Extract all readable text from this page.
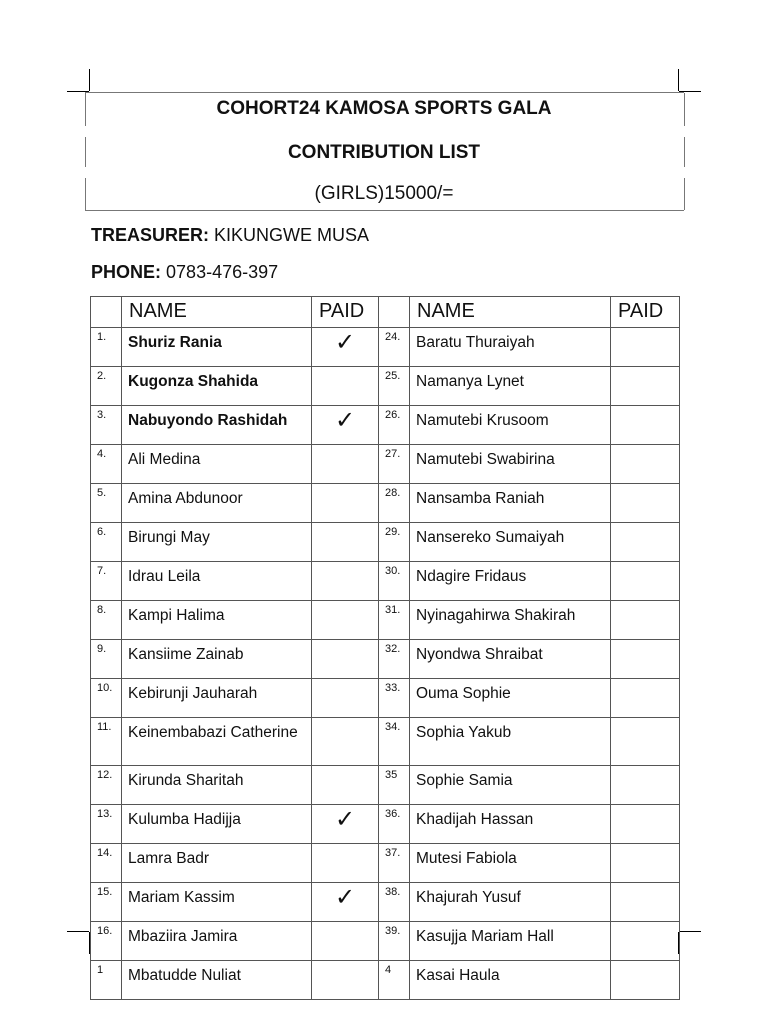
COHORT24 KAMOSA SPORTS GALA
CONTRIBUTION LIST
(GIRLS)15000/=
TREASURER: KIKUNGWE MUSA
PHONE: 0783-476-397
	NAME	PAID		NAME	PAID
1.	Shuriz Rania	✓	24.	Baratu Thuraiyah	
2.	Kugonza Shahida		25.	Namanya Lynet	
3.	Nabuyondo Rashidah	✓	26.	Namutebi Krusoom	
4.	Ali Medina		27.	Namutebi Swabirina	
5.	Amina Abdunoor		28.	Nansamba Raniah	
6.	Birungi May		29.	Nansereko Sumaiyah	
7.	Idrau Leila		30.	Ndagire Fridaus	
8.	Kampi Halima		31.	Nyinagahirwa Shakirah	
9.	Kansiime Zainab		32.	Nyondwa Shraibat	
10.	Kebirunji Jauharah		33.	Ouma Sophie	
11.	Keinembabazi Catherine		34.	Sophia Yakub	
12.	Kirunda Sharitah		35	Sophie Samia	
13.	Kulumba Hadijja	✓	36.	Khadijah Hassan	
14.	Lamra Badr		37.	Mutesi Fabiola	
15.	Mariam Kassim	✓	38.	Khajurah Yusuf	
16.	Mbaziira Jamira		39.	Kasujja Mariam Hall	
1	Mbatudde Nuliat		4	Kasai Haula	
